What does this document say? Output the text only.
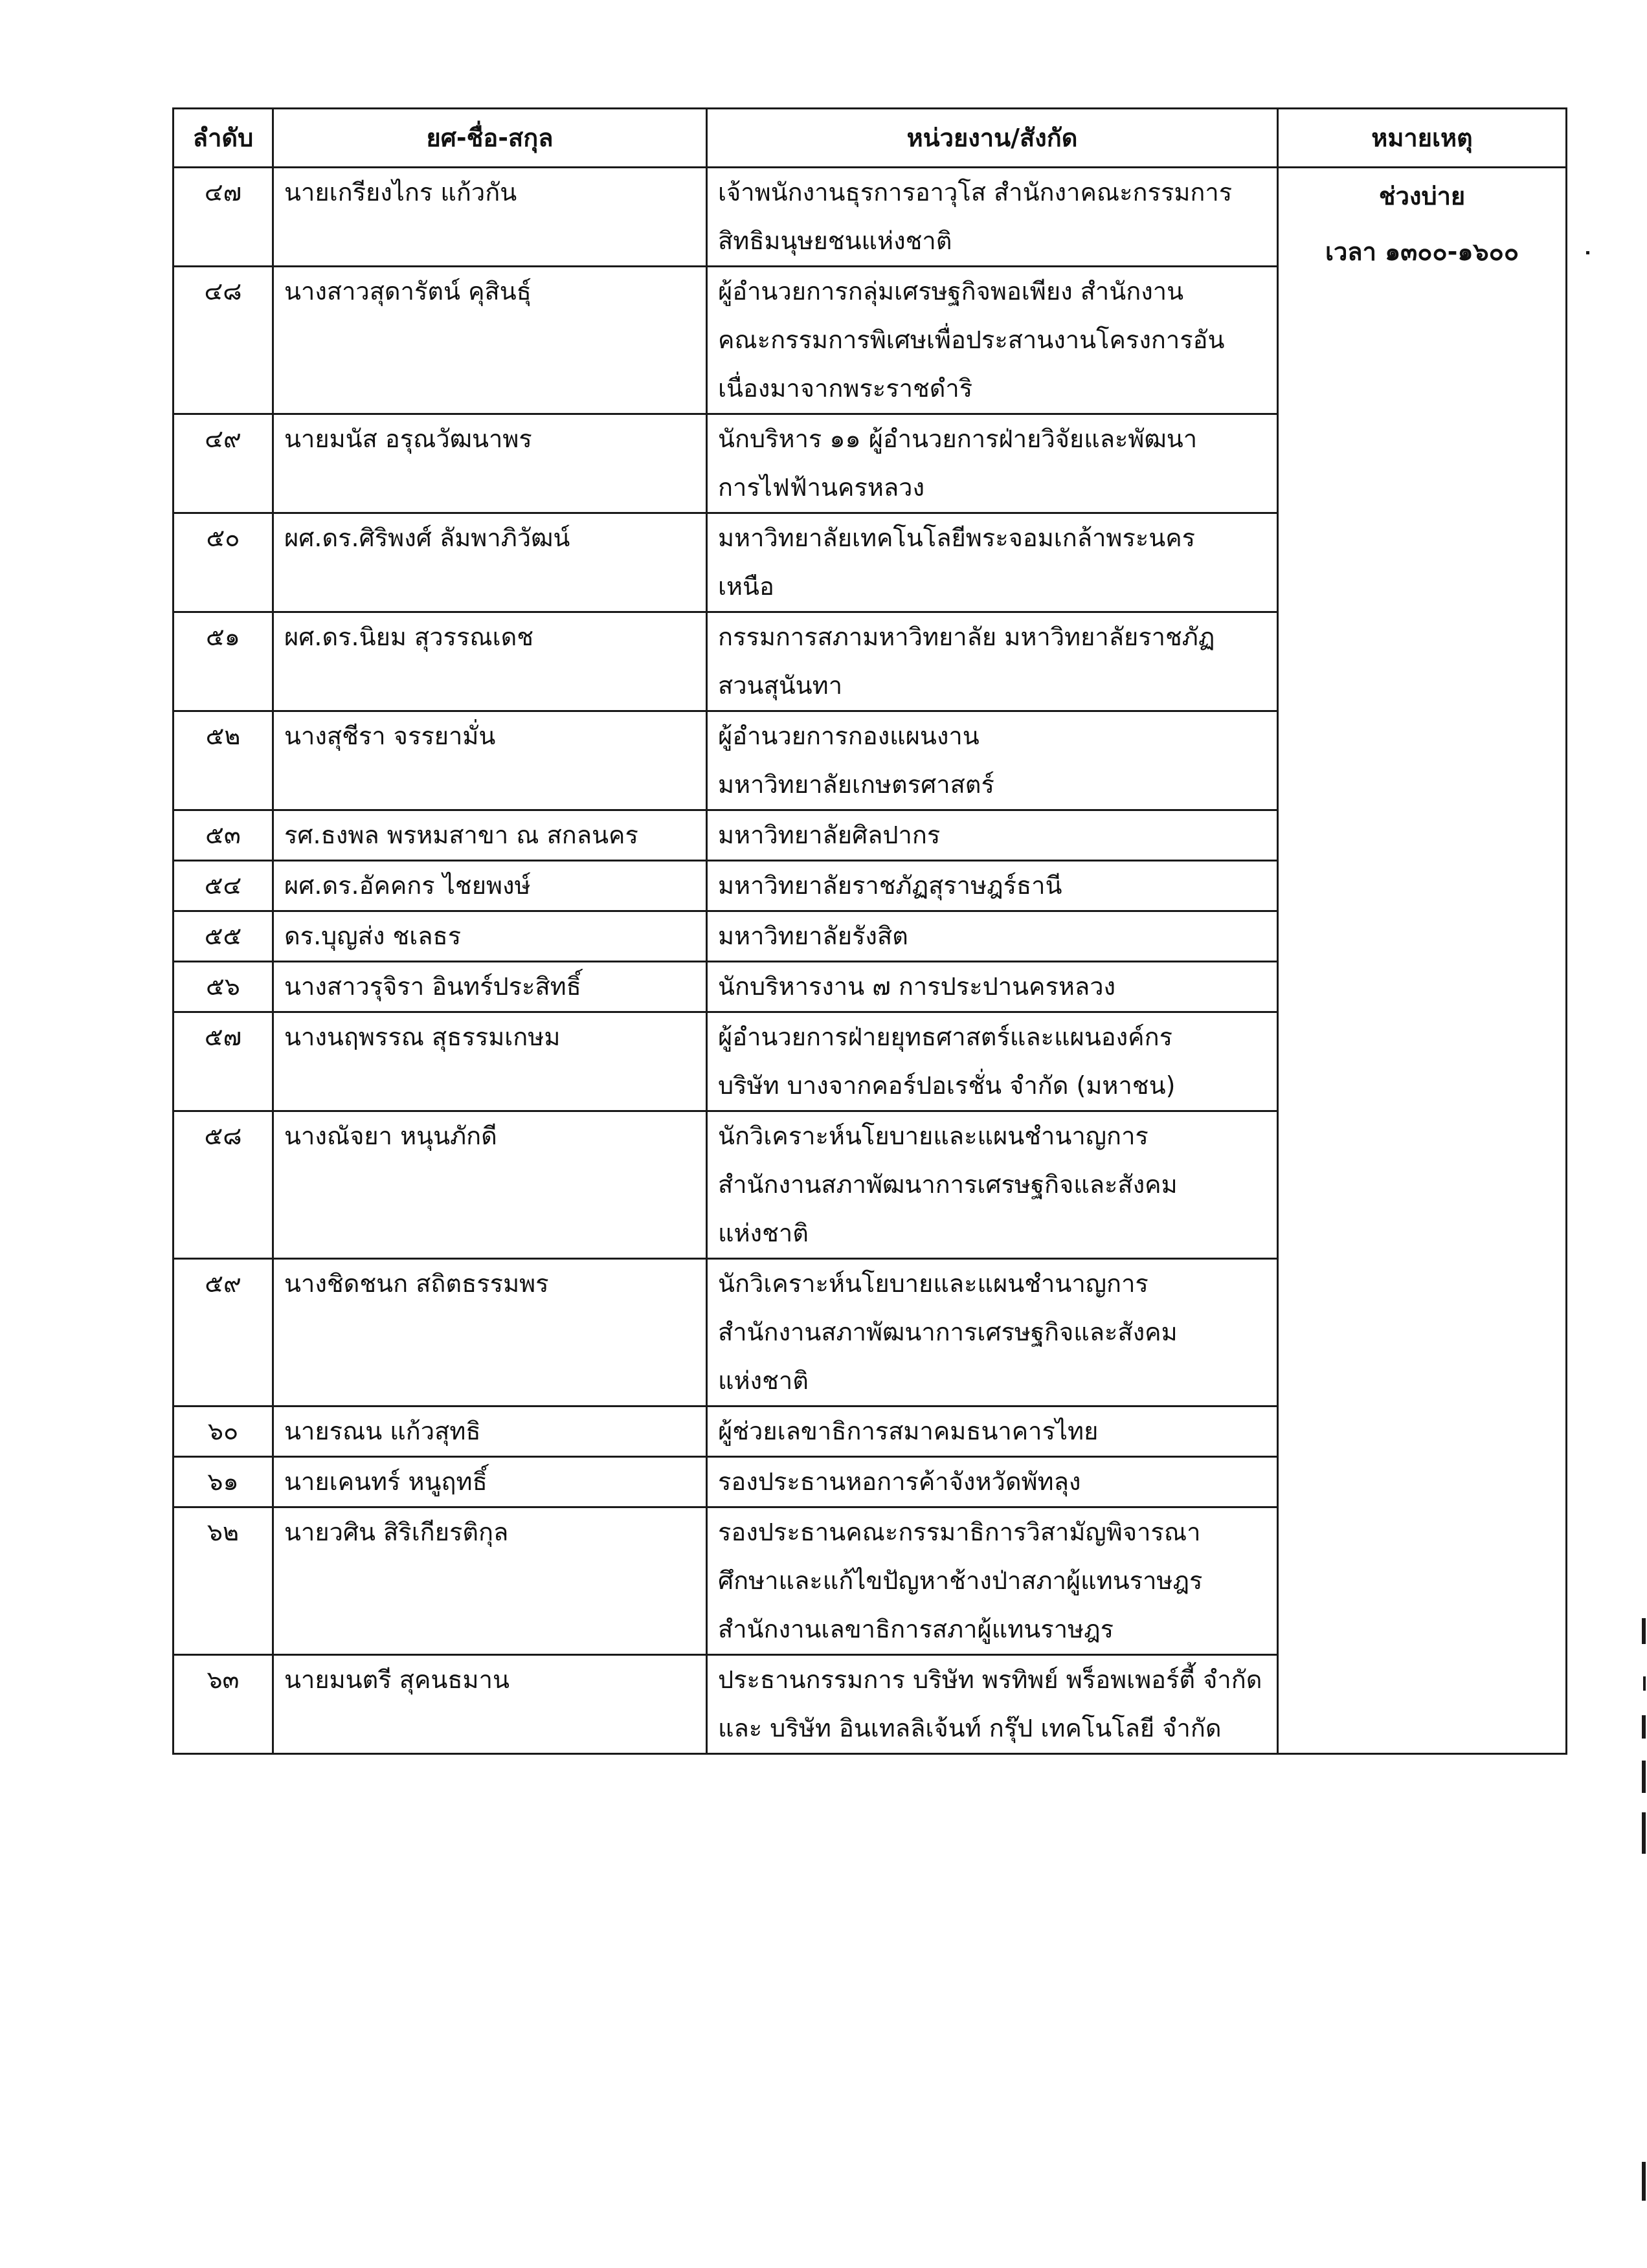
ลำดับ	ยศ-ชื่อ-สกุล	หน่วยงาน/สังกัด	หมายเหตุ
๔๗	นายเกรียงไกร แก้วกัน	เจ้าพนักงานธุรการอาวุโส สำนักงาคณะกรรมการ
สิทธิมนุษยชนแห่งชาติ	ช่วงบ่าย
เวลา ๑๓๐๐-๑๖๐๐

๔๘	นางสาวสุดารัตน์ คุสินธุ์	ผู้อำนวยการกลุ่มเศรษฐกิจพอเพียง สำนักงาน
คณะกรรมการพิเศษเพื่อประสานงานโครงการอัน
เนื่องมาจากพระราชดำริ	

๔๙	นายมนัส อรุณวัฒนาพร	นักบริหาร ๑๑ ผู้อำนวยการฝ่ายวิจัยและพัฒนา
การไฟฟ้านครหลวง	

๕๐	ผศ.ดร.ศิริพงศ์ ลัมพาภิวัฒน์	มหาวิทยาลัยเทคโนโลยีพระจอมเกล้าพระนคร
เหนือ	

๕๑	ผศ.ดร.นิยม สุวรรณเดช	กรรมการสภามหาวิทยาลัย มหาวิทยาลัยราชภัฏ
สวนสุนันทา	

๕๒	นางสุชีรา จรรยามั่น	ผู้อำนวยการกองแผนงาน
มหาวิทยาลัยเกษตรศาสตร์	

๕๓	รศ.ธงพล พรหมสาขา ณ สกลนคร	มหาวิทยาลัยศิลปากร	

๕๔	ผศ.ดร.อัคคกร ไชยพงษ์	มหาวิทยาลัยราชภัฏสุราษฎร์ธานี	

๕๕	ดร.บุญส่ง ชเลธร	มหาวิทยาลัยรังสิต	

๕๖	นางสาวรุจิรา อินทร์ประสิทธิ์	นักบริหารงาน ๗ การประปานครหลวง	

๕๗	นางนฤพรรณ สุธรรมเกษม	ผู้อำนวยการฝ่ายยุทธศาสตร์และแผนองค์กร
บริษัท บางจากคอร์ปอเรชั่น จำกัด (มหาชน)	

๕๘	นางณัจยา หนุนภักดี	นักวิเคราะห์นโยบายและแผนชำนาญการ
สำนักงานสภาพัฒนาการเศรษฐกิจและสังคม
แห่งชาติ	

๕๙	นางชิดชนก สถิตธรรมพร	นักวิเคราะห์นโยบายและแผนชำนาญการ
สำนักงานสภาพัฒนาการเศรษฐกิจและสังคม
แห่งชาติ	

๖๐	นายรณน แก้วสุทธิ	ผู้ช่วยเลขาธิการสมาคมธนาคารไทย	

๖๑	นายเคนทร์ หนูฤทธิ์	รองประธานหอการค้าจังหวัดพัทลุง	

๖๒	นายวศิน สิริเกียรติกุล	รองประธานคณะกรรมาธิการวิสามัญพิจารณา
ศึกษาและแก้ไขปัญหาช้างป่าสภาผู้แทนราษฎร
สำนักงานเลขาธิการสภาผู้แทนราษฎร	

๖๓	นายมนตรี สุคนธมาน	ประธานกรรมการ บริษัท พรทิพย์ พร็อพเพอร์ตี้ จำกัด
และ บริษัท อินเทลลิเจ้นท์ กรุ๊ป เทคโนโลยี จำกัด	
